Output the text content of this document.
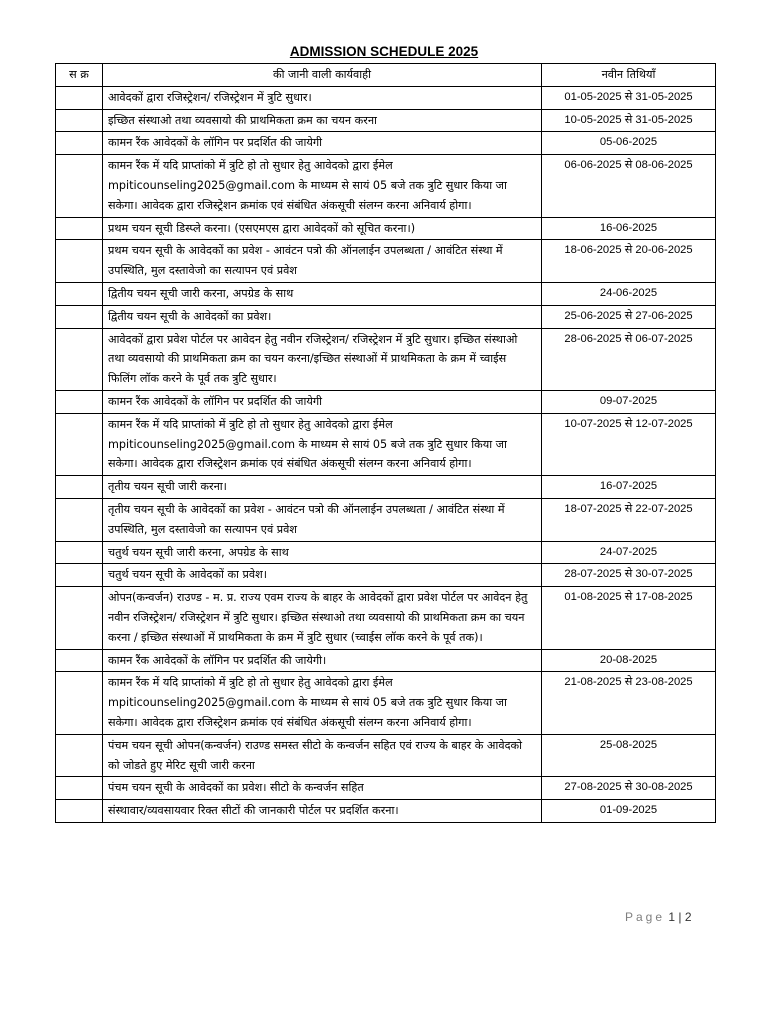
ADMISSION SCHEDULE 2025
स क्र	की जानी वाली कार्यवाही	नवीन तिथियाँ
	आवेदकों द्वारा रजिस्ट्रेशन/ रजिस्ट्रेशन में त्रुटि सुधार।	01-05-2025 से 31-05-2025
	इच्छित संस्थाओ तथा व्यवसायो की प्राथमिकता क्रम का चयन करना	10-05-2025 से 31-05-2025
	कामन रैंक आवेदकों के लॉगिन पर प्रदर्शित की जायेगी	05-06-2025
	कामन रैंक में यदि प्राप्तांको में त्रुटि हो तो सुधार हेतु आवेदको द्वारा ईमेल mpiticounseling2025@gmail.com के माध्यम से सायं 05 बजे तक त्रुटि सुधार किया जा सकेगा। आवेदक द्वारा रजिस्ट्रेशन क्रमांक एवं संबंधित अंकसूची संलग्न करना अनिवार्य होगा।	06-06-2025 से 08-06-2025
	प्रथम चयन सूची डिस्प्ले करना। (एसएमएस द्वारा आवेदकों को सूचित करना।)	16-06-2025
	प्रथम चयन सूची के आवेदकों का प्रवेश - आवंटन पत्रो की ऑनलाईन उपलब्धता / आवंटित संस्था में उपस्थिति, मुल दस्तावेजो का सत्यापन एवं प्रवेश	18-06-2025 से 20-06-2025
	द्वितीय चयन सूची जारी करना, अपग्रेड के साथ	24-06-2025
	द्वितीय चयन सूची के आवेदकों का प्रवेश।	25-06-2025 से 27-06-2025
	आवेदकों द्वारा प्रवेश पोर्टल पर आवेदन हेतु नवीन रजिस्ट्रेशन/ रजिस्ट्रेशन में त्रुटि सुधार। इच्छित संस्थाओ तथा व्यवसायो की प्राथमिकता क्रम का चयन करना/इच्छित संस्थाओं में प्राथमिकता के क्रम में च्वाईस फिलिंग लॉक करने के पूर्व तक त्रुटि सुधार।	28-06-2025 से 06-07-2025
	कामन रैंक आवेदकों के लॉगिन पर प्रदर्शित की जायेगी	09-07-2025
	कामन रैंक में यदि प्राप्तांको में त्रुटि हो तो सुधार हेतु आवेदको द्वारा ईमेल mpiticounseling2025@gmail.com के माध्यम से सायं 05 बजे तक त्रुटि सुधार किया जा सकेगा। आवेदक द्वारा रजिस्ट्रेशन क्रमांक एवं संबंधित अंकसूची संलग्न करना अनिवार्य होगा।	10-07-2025 से 12-07-2025
	तृतीय चयन सूची जारी करना।	16-07-2025
	तृतीय चयन सूची के आवेदकों का प्रवेश - आवंटन पत्रो की ऑनलाईन उपलब्धता / आवंटित संस्था में उपस्थिति, मुल दस्तावेजो का सत्यापन एवं प्रवेश	18-07-2025 से 22-07-2025
	चतुर्थ चयन सूची जारी करना, अपग्रेड के साथ	24-07-2025
	चतुर्थ चयन सूची के आवेदकों का प्रवेश।	28-07-2025 से 30-07-2025
	ओपन(कन्वर्जन) राउण्ड - म. प्र. राज्य एवम राज्य के बाहर के आवेदकों द्वारा प्रवेश पोर्टल पर आवेदन हेतु नवीन रजिस्ट्रेशन/ रजिस्ट्रेशन में त्रुटि सुधार। इच्छित संस्थाओ तथा व्यवसायो की प्राथमिकता क्रम का चयन करना / इच्छित संस्थाओं में प्राथमिकता के क्रम में त्रुटि सुधार (च्वाईस लॉक करने के पूर्व तक)।	01-08-2025 से 17-08-2025
	कामन रैंक आवेदकों के लॉगिन पर प्रदर्शित की जायेगी।	20-08-2025
	कामन रैंक में यदि प्राप्तांको में त्रुटि हो तो सुधार हेतु आवेदको द्वारा ईमेल mpiticounseling2025@gmail.com के माध्यम से सायं 05 बजे तक त्रुटि सुधार किया जा सकेगा। आवेदक द्वारा रजिस्ट्रेशन क्रमांक एवं संबंधित अंकसूची संलग्न करना अनिवार्य होगा।	21-08-2025 से 23-08-2025
	पंचम चयन सूची ओपन(कन्वर्जन) राउण्ड समस्त सीटो के कन्वर्जन सहित एवं राज्य के बाहर के आवेदको को जोडते हुए मेरिट सूची जारी करना	25-08-2025
	पंचम चयन सूची के आवेदकों का प्रवेश। सीटो के कन्वर्जन सहित	27-08-2025 से 30-08-2025
	संस्थावार/व्यवसायवार रिक्त सीटों की जानकारी पोर्टल पर प्रदर्शित करना।	01-09-2025
Page 1 | 2
